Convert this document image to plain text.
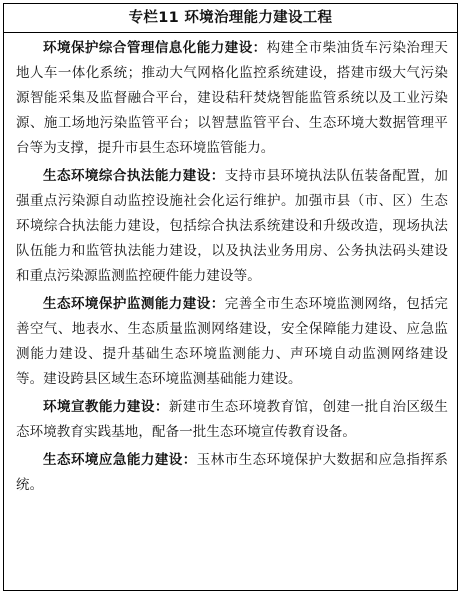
专栏11 环境治理能力建设工程

环境保护综合管理信息化能力建设：构建全市柴油货车污染治理天地人车一体化系统；推动大气网格化监控系统建设，搭建市级大气污染源智能采集及监督融合平台，建设秸秆焚烧智能监管系统以及工业污染源、施工场地污染监管平台；以智慧监管平台、生态环境大数据管理平台等为支撑，提升市县生态环境监管能力。

生态环境综合执法能力建设：支持市县环境执法队伍装备配置，加强重点污染源自动监控设施社会化运行维护。加强市县（市、区）生态环境综合执法能力建设，包括综合执法系统建设和升级改造，现场执法队伍能力和监管执法能力建设，以及执法业务用房、公务执法码头建设和重点污染源监测监控硬件能力建设等。

生态环境保护监测能力建设：完善全市生态环境监测网络，包括完善空气、地表水、生态质量监测网络建设，安全保障能力建设、应急监测能力建设、提升基础生态环境监测能力、声环境自动监测网络建设等。建设跨县区域生态环境监测基础能力建设。

环境宣教能力建设：新建市生态环境教育馆，创建一批自治区级生态环境教育实践基地，配备一批生态环境宣传教育设备。

生态环境应急能力建设：玉林市生态环境保护大数据和应急指挥系统。
